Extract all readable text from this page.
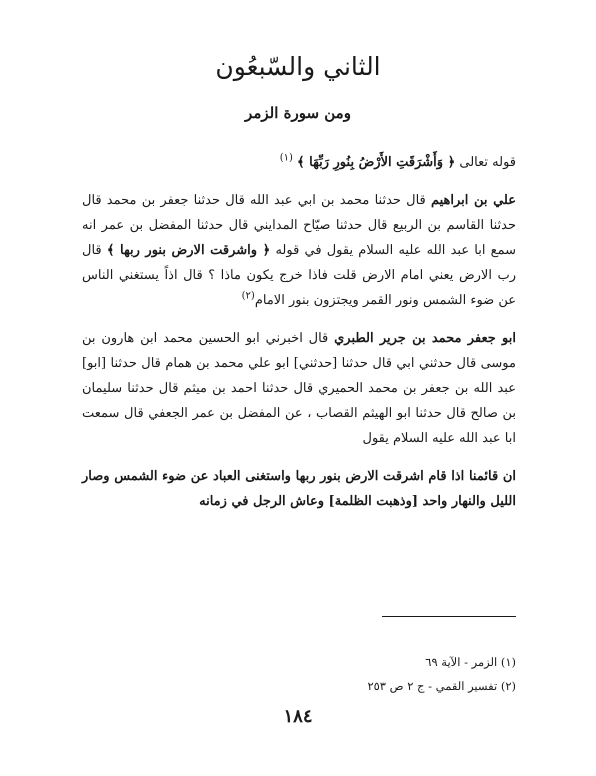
الثاني والسّبعُون
ومن سورة الزمر

قوله تعالى ﴿ وَأَشْرَقَتِ الأَرْضُ بِنُورِ رَبِّهَا ﴾ $^{(١)}$

علي بن ابراهيم قال حدثنا محمد بن ابي عبد الله قال حدثنا جعفر بن محمد قال حدثنا القاسم بن الربيع قال حدثنا صيّاح المدايني قال حدثنا المفضل بن عمر انه سمع ابا عبد الله عليه السلام يقول في قوله ﴿ واشرقت الارض بنور ربها ﴾ قال رب الارض يعني امام الارض قلت فاذا خرج يكون ماذا ؟ قال اذاً يستغني الناس عن ضوء الشمس ونور القمر ويجتزون بنور الامام$^{(٢)}$

ابو جعفر محمد بن جرير الطبري قال اخبرني ابو الحسين محمد ابن هارون بن موسى قال حدثني ابي قال حدثنا [حدثني] ابو علي محمد بن همام قال حدثنا [ابو] عبد الله بن جعفر بن محمد الحميري قال حدثنا احمد بن ميثم قال حدثنا سليمان بن صالح قال حدثنا ابو الهيثم القصاب ، عن المفضل بن عمر الجعفي قال سمعت ابا عبد الله عليه السلام يقول

ان قائمنا اذا قام اشرقت الارض بنور ربها واستغنى العباد عن ضوء الشمس وصار الليل والنهار واحد [وذهبت الظلمة] وعاش الرجل في زمانه

(١) الزمر - الآية ٦٩

(٢) تفسير القمي - ج ٢ ص ٢٥٣

١٨٤
